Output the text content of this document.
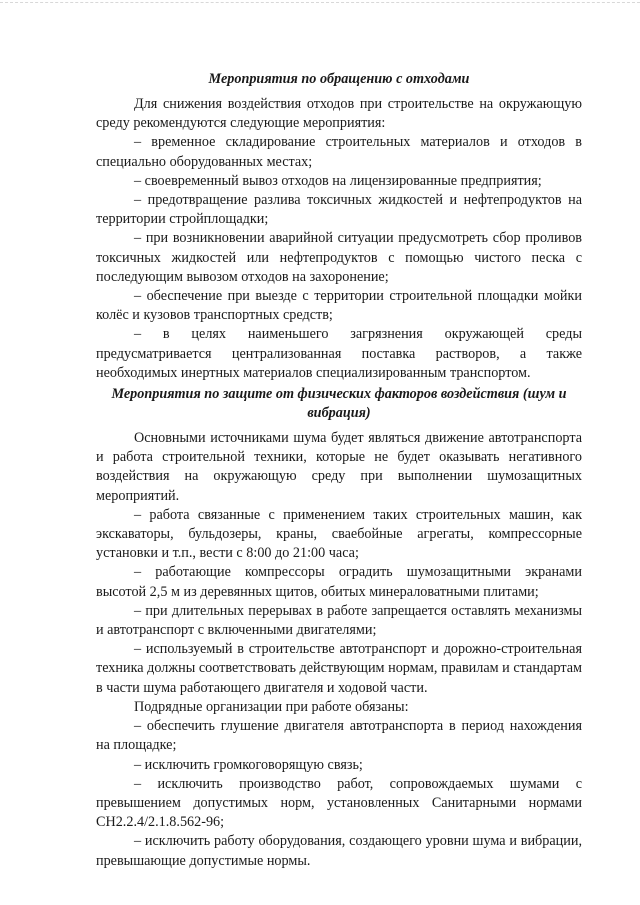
Мероприятия по обращению с отходами

Для снижения воздействия отходов при строительстве на окружающую среду рекомендуются следующие мероприятия:

– временное складирование строительных материалов и отходов в специально оборудованных местах;

– своевременный вывоз отходов на лицензированные предприятия;

– предотвращение разлива токсичных жидкостей и нефтепродуктов на территории стройплощадки;

– при возникновении аварийной ситуации предусмотреть сбор проливов токсичных жидкостей или нефтепродуктов с помощью чистого песка с последующим вывозом отходов на захоронение;

– обеспечение при выезде с территории строительной площадки мойки колёс и кузовов транспортных средств;

– в целях наименьшего загрязнения окружающей среды предусматривается централизованная поставка растворов, а также необходимых инертных материалов специализированным транспортом.

Мероприятия по защите от физических факторов воздействия (шум и вибрация)

Основными источниками шума будет являться движение автотранспорта и работа строительной техники, которые не будет оказывать негативного воздействия на окружающую среду при выполнении шумозащитных мероприятий.

– работа связанные с применением таких строительных машин, как экскаваторы, бульдозеры, краны, сваебойные агрегаты, компрессорные установки и т.п., вести с 8:00 до 21:00 часа;

– работающие компрессоры оградить шумозащитными экранами высотой 2,5 м из деревянных щитов, обитых минераловатными плитами;

– при длительных перерывах в работе запрещается оставлять механизмы и автотранспорт с включенными двигателями;

– используемый в строительстве автотранспорт и дорожно-строительная техника должны соответствовать действующим нормам, правилам и стандартам в части шума работающего двигателя и ходовой части.

Подрядные организации при работе обязаны:

– обеспечить глушение двигателя автотранспорта в период нахождения на площадке;

– исключить громкоговорящую связь;

– исключить производство работ, сопровождаемых шумами с превышением допустимых норм, установленных Санитарными нормами СН2.2.4/2.1.8.562-96;

– исключить работу оборудования, создающего уровни шума и вибрации, превышающие допустимые нормы.
